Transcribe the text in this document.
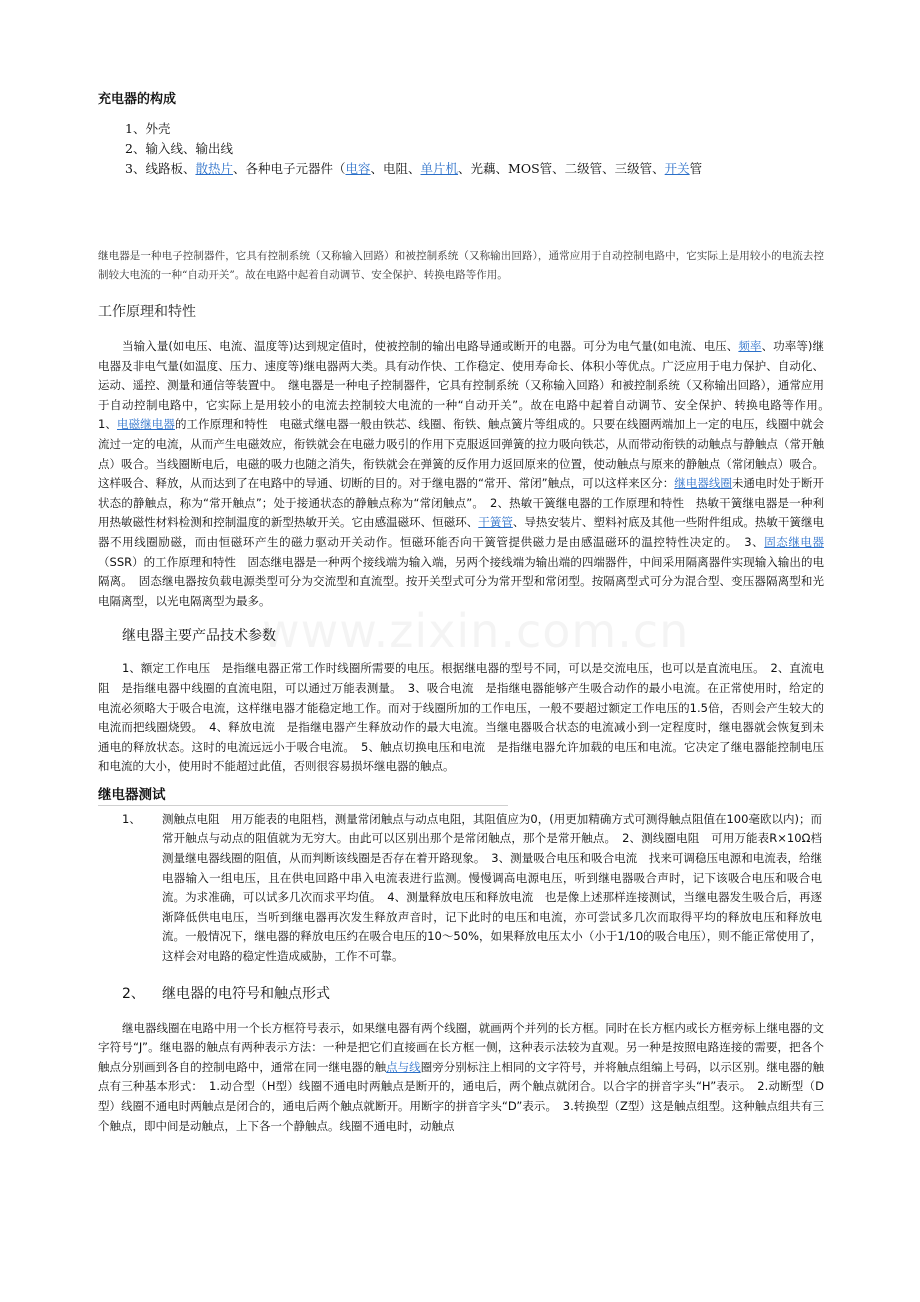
www.zixin.com.cn
充电器的构成
1、外壳
2、输入线、输出线
3、线路板、散热片、各种电子元器件（电容、电阻、单片机、光藕、MOS管、二级管、三级管、开关管

继电器是一种电子控制器件，它具有控制系统（又称输入回路）和被控制系统（又称输出回路），通常应用于自动控制电路中，它实际上是用较小的电流去控制较大电流的一种“自动开关”。故在电路中起着自动调节、安全保护、转换电路等作用。

工作原理和特性

当输入量(如电压、电流、温度等)达到规定值时，使被控制的输出电路导通或断开的电器。可分为电气量(如电流、电压、频率、功率等)继电器及非电气量(如温度、压力、速度等)继电器两大类。具有动作快、工作稳定、使用寿命长、体积小等优点。广泛应用于电力保护、自动化、运动、遥控、测量和通信等装置中。　继电器是一种电子控制器件，它具有控制系统（又称输入回路）和被控制系统（又称输出回路），通常应用于自动控制电路中，它实际上是用较小的电流去控制较大电流的一种“自动开关”。故在电路中起着自动调节、安全保护、转换电路等作用。　1、电磁继电器的工作原理和特性　电磁式继电器一般由铁芯、线圈、衔铁、触点簧片等组成的。只要在线圈两端加上一定的电压，线圈中就会流过一定的电流，从而产生电磁效应，衔铁就会在电磁力吸引的作用下克服返回弹簧的拉力吸向铁芯，从而带动衔铁的动触点与静触点（常开触点）吸合。当线圈断电后，电磁的吸力也随之消失，衔铁就会在弹簧的反作用力返回原来的位置，使动触点与原来的静触点（常闭触点）吸合。这样吸合、释放，从而达到了在电路中的导通、切断的目的。对于继电器的“常开、常闭”触点，可以这样来区分：继电器线圈未通电时处于断开状态的静触点，称为“常开触点”；处于接通状态的静触点称为“常闭触点”。　2、热敏干簧继电器的工作原理和特性　热敏干簧继电器是一种利用热敏磁性材料检测和控制温度的新型热敏开关。它由感温磁环、恒磁环、干簧管、导热安装片、塑料衬底及其他一些附件组成。热敏干簧继电器不用线圈励磁，而由恒磁环产生的磁力驱动开关动作。恒磁环能否向干簧管提供磁力是由感温磁环的温控特性决定的。　3、固态继电器（SSR）的工作原理和特性　固态继电器是一种两个接线端为输入端，另两个接线端为输出端的四端器件，中间采用隔离器件实现输入输出的电隔离。　固态继电器按负载电源类型可分为交流型和直流型。按开关型式可分为常开型和常闭型。按隔离型式可分为混合型、变压器隔离型和光电隔离型，以光电隔离型为最多。

继电器主要产品技术参数

1、额定工作电压　是指继电器正常工作时线圈所需要的电压。根据继电器的型号不同，可以是交流电压，也可以是直流电压。　2、直流电阻　是指继电器中线圈的直流电阻，可以通过万能表测量。　3、吸合电流　是指继电器能够产生吸合动作的最小电流。在正常使用时，给定的电流必须略大于吸合电流，这样继电器才能稳定地工作。而对于线圈所加的工作电压，一般不要超过额定工作电压的1.5倍，否则会产生较大的电流而把线圈烧毁。　4、释放电流　是指继电器产生释放动作的最大电流。当继电器吸合状态的电流减小到一定程度时，继电器就会恢复到未通电的释放状态。这时的电流远远小于吸合电流。　5、触点切换电压和电流　是指继电器允许加载的电压和电流。它决定了继电器能控制电压和电流的大小，使用时不能超过此值，否则很容易损坏继电器的触点。

继电器测试
1、	测触点电阻　用万能表的电阻档，测量常闭触点与动点电阻，其阻值应为0，(用更加精确方式可测得触点阻值在100毫欧以内)；而常开触点与动点的阻值就为无穷大。由此可以区别出那个是常闭触点，那个是常开触点。　2、测线圈电阻　可用万能表R×10Ω档测量继电器线圈的阻值，从而判断该线圈是否存在着开路现象。　3、测量吸合电压和吸合电流　找来可调稳压电源和电流表，给继电器输入一组电压，且在供电回路中串入电流表进行监测。慢慢调高电源电压，听到继电器吸合声时，记下该吸合电压和吸合电流。为求准确，可以试多几次而求平均值。　4、测量释放电压和释放电流　也是像上述那样连接测试，当继电器发生吸合后，再逐渐降低供电电压，当听到继电器再次发生释放声音时，记下此时的电压和电流，亦可尝试多几次而取得平均的释放电压和释放电流。一般情况下，继电器的释放电压约在吸合电压的10～50%，如果释放电压太小（小于1/10的吸合电压），则不能正常使用了，这样会对电路的稳定性造成威胁，工作不可靠。
2、	继电器的电符号和触点形式

继电器线圈在电路中用一个长方框符号表示，如果继电器有两个线圈，就画两个并列的长方框。同时在长方框内或长方框旁标上继电器的文字符号“J”。继电器的触点有两种表示方法：一种是把它们直接画在长方框一侧，这种表示法较为直观。另一种是按照电路连接的需要，把各个触点分别画到各自的控制电路中，通常在同一继电器的触点与线圈旁分别标注上相同的文字符号，并将触点组编上号码，以示区别。继电器的触点有三种基本形式：　1.动合型（H型）线圈不通电时两触点是断开的，通电后，两个触点就闭合。以合字的拼音字头“H”表示。　2.动断型（D型）线圈不通电时两触点是闭合的，通电后两个触点就断开。用断字的拼音字头“D”表示。　3.转换型（Z型）这是触点组型。这种触点组共有三个触点，即中间是动触点，上下各一个静触点。线圈不通电时，动触点
